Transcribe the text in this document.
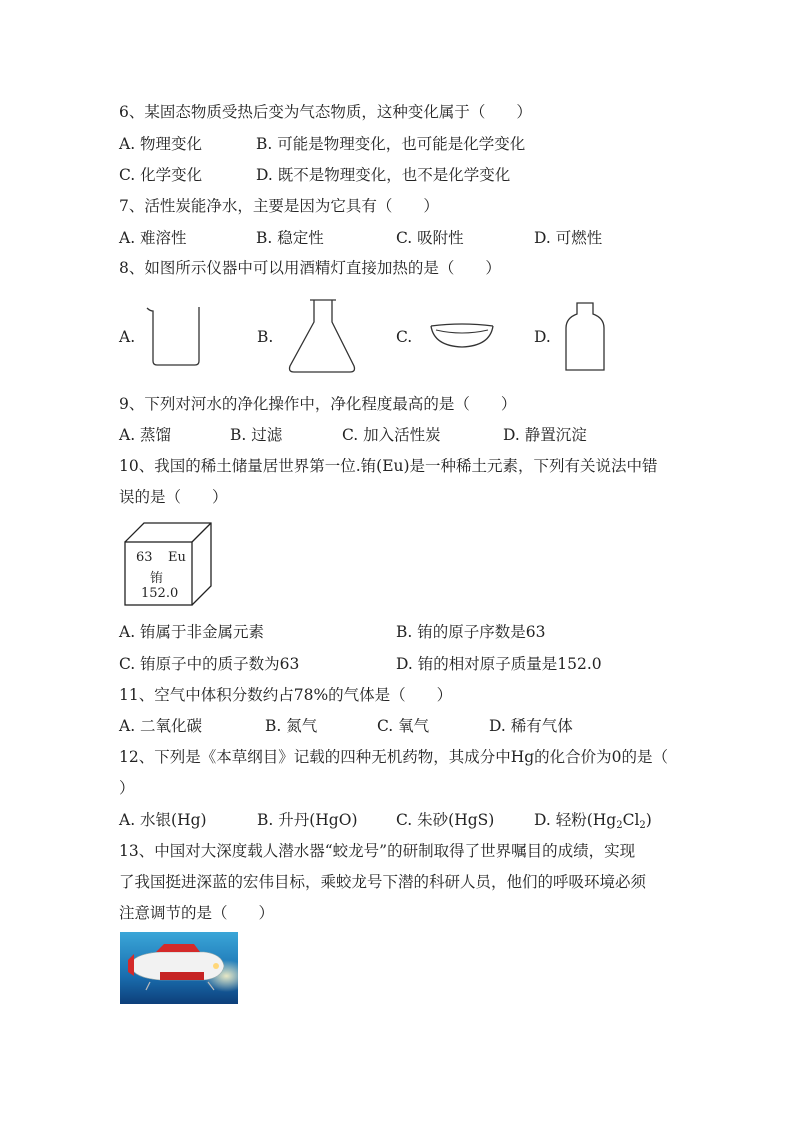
6、某固态物质受热后变为气态物质，这种变化属于（　　）
A. 物理变化	B. 可能是物理变化，也可能是化学变化
C. 化学变化	D. 既不是物理变化，也不是化学变化
7、活性炭能净水，主要是因为它具有（　　）
A. 难溶性	B. 稳定性	C. 吸附性	D. 可燃性
8、如图所示仪器中可以用酒精灯直接加热的是（　　）
A.	B.	C.	D.
9、下列对河水的净化操作中，净化程度最高的是（　　）
A. 蒸馏	B. 过滤	C. 加入活性炭	D. 静置沉淀
10、我国的稀土储量居世界第一位.铕(Eu)是一种稀土元素，下列有关说法中错
误的是（　　）
63 Eu
铕
152.0
A. 铕属于非金属元素	B. 铕的原子序数是63
C. 铕原子中的质子数为63	D. 铕的相对原子质量是152.0
11、空气中体积分数约占78%的气体是（　　）
A. 二氧化碳	B. 氮气	C. 氧气	D. 稀有气体
12、下列是《本草纲目》记载的四种无机药物，其成分中Hg的化合价为0的是（
）
A. 水银(Hg)	B. 升丹(HgO) C. 朱砂(HgS)	D. 轻粉$(Hg_2Cl_2)$
13、中国对大深度载人潜水器“蛟龙号”的研制取得了世界嘱目的成绩，实现
了我国挺进深蓝的宏伟目标，乘蛟龙号下潜的科研人员，他们的呼吸环境必须
注意调节的是（　　）
